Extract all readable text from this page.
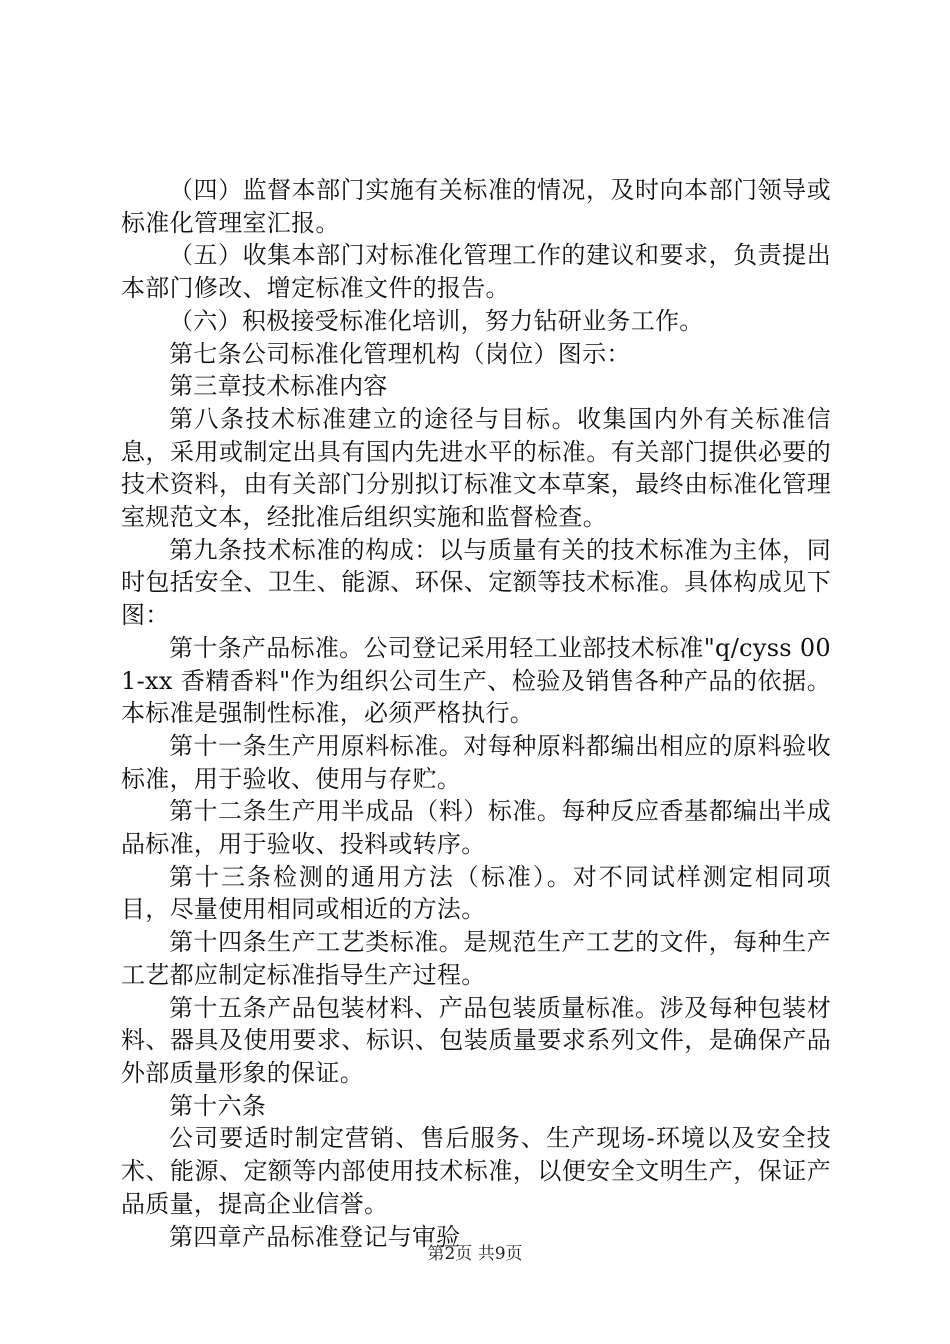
（四）监督本部门实施有关标准的情况，及时向本部门领导或标准化管理室汇报。

（五）收集本部门对标准化管理工作的建议和要求，负责提出本部门修改、增定标准文件的报告。

（六）积极接受标准化培训，努力钻研业务工作。

第七条公司标准化管理机构（岗位）图示：

第三章技术标准内容

第八条技术标准建立的途径与目标。收集国内外有关标准信息，采用或制定出具有国内先进水平的标准。有关部门提供必要的技术资料，由有关部门分别拟订标准文本草案，最终由标准化管理室规范文本，经批准后组织实施和监督检查。

第九条技术标准的构成：以与质量有关的技术标准为主体，同时包括安全、卫生、能源、环保、定额等技术标准。具体构成见下图：

第十条产品标准。公司登记采用轻工业部技术标准"q/cyss 001-xx 香精香料"作为组织公司生产、检验及销售各种产品的依据。本标准是强制性标准，必须严格执行。

第十一条生产用原料标准。对每种原料都编出相应的原料验收标准，用于验收、使用与存贮。

第十二条生产用半成品（料）标准。每种反应香基都编出半成品标准，用于验收、投料或转序。

第十三条检测的通用方法（标准）。对不同试样测定相同项目，尽量使用相同或相近的方法。

第十四条生产工艺类标准。是规范生产工艺的文件，每种生产工艺都应制定标准指导生产过程。

第十五条产品包装材料、产品包装质量标准。涉及每种包装材料、器具及使用要求、标识、包装质量要求系列文件，是确保产品外部质量形象的保证。

第十六条

公司要适时制定营销、售后服务、生产现场-环境以及安全技术、能源、定额等内部使用技术标准，以便安全文明生产，保证产品质量，提高企业信誉。

第四章产品标准登记与审验

第2页 共9页
